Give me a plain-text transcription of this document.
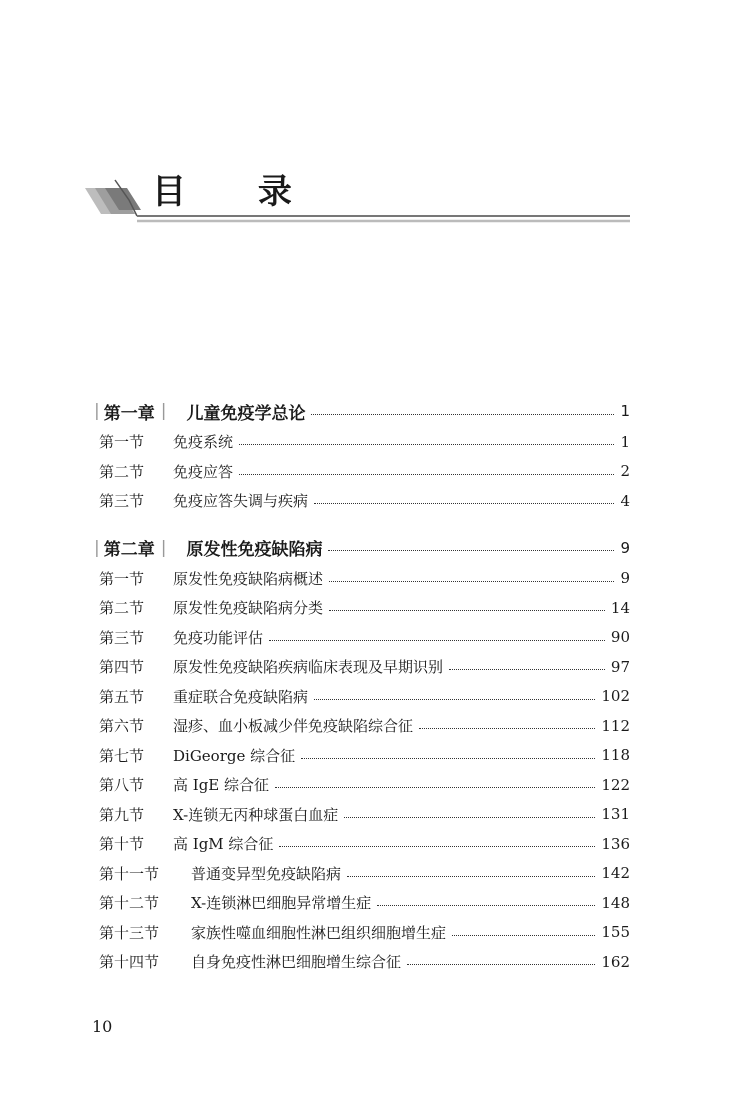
目 录
| 第一章 | 儿童免疫学总论	1
第一节	免疫系统	1
第二节	免疫应答	2
第三节	免疫应答失调与疾病	4
| 第二章 | 原发性免疫缺陷病	9
第一节	原发性免疫缺陷病概述	9
第二节	原发性免疫缺陷病分类	14
第三节	免疫功能评估	90
第四节	原发性免疫缺陷疾病临床表现及早期识别	97
第五节	重症联合免疫缺陷病	102
第六节	湿疹、血小板减少伴免疫缺陷综合征	112
第七节	DiGeorge 综合征	118
第八节	高 IgE 综合征	122
第九节	X-连锁无丙种球蛋白血症	131
第十节	高 IgM 综合征	136
第十一节	普通变异型免疫缺陷病	142
第十二节	X-连锁淋巴细胞异常增生症	148
第十三节	家族性噬血细胞性淋巴组织细胞增生症	155
第十四节	自身免疫性淋巴细胞增生综合征	162
10
